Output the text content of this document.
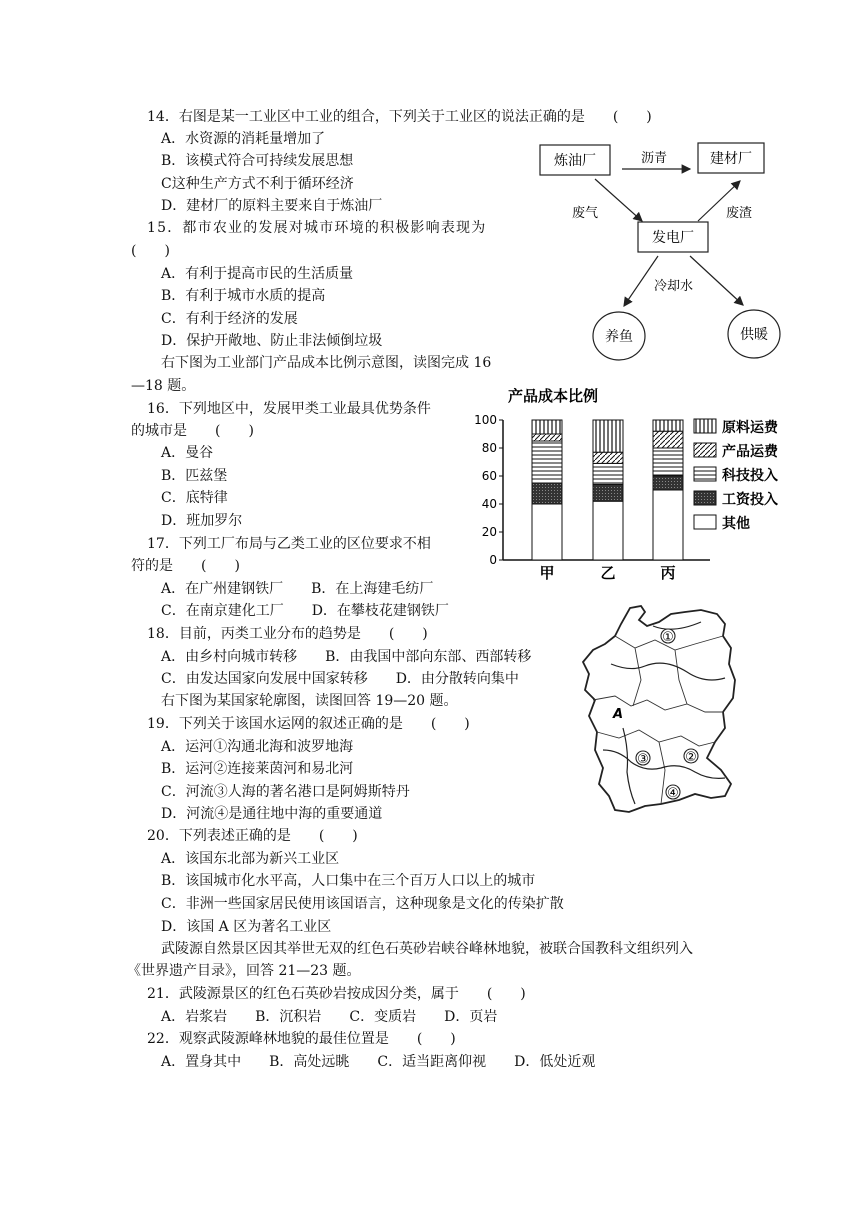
14．右图是某一工业区中工业的组合，下列关于工业区的说法正确的是　　(　　)
A．水资源的消耗量增加了
B．该模式符合可持续发展思想
C这种生产方式不利于循环经济
D．建材厂的原料主要来自于炼油厂
15．都市农业的发展对城市环境的积极影响表现为
(　　)
A．有利于提高市民的生活质量
B．有利于城市水质的提高
C．有利于经济的发展
D．保护开敞地、防止非法倾倒垃圾
右下图为工业部门产品成本比例示意图，读图完成 16
—18 题。
16．下列地区中，发展甲类工业最具优势条件
的城市是　　(　　)
A．曼谷
B．匹兹堡
C．底特律
D．班加罗尔
17．下列工厂布局与乙类工业的区位要求不相
符的是　　(　　)
A．在广州建钢铁厂　　B．在上海建毛纺厂
C．在南京建化工厂　　D．在攀枝花建钢铁厂
18．目前，丙类工业分布的趋势是　　(　　)
A．由乡村向城市转移　　B．由我国中部向东部、西部转移
C．由发达国家向发展中国家转移　　D．由分散转向集中
右下图为某国家轮廓图，读图回答 19—20 题。
19．下列关于该国水运网的叙述正确的是　　(　　)
A．运河①沟通北海和波罗地海
B．运河②连接莱茵河和易北河
C．河流③人海的著名港口是阿姆斯特丹
D．河流④是通往地中海的重要通道
20．下列表述正确的是　　(　　)
A．该国东北部为新兴工业区
B．该国城市化水平高，人口集中在三个百万人口以上的城市
C．非洲一些国家居民使用该国语言，这种现象是文化的传染扩散
D．该国 A 区为著名工业区
武陵源自然景区因其举世无双的红色石英砂岩峡谷峰林地貌，被联合国教科文组织列入
《世界遗产目录》，回答 21—23 题。
21．武陵源景区的红色石英砂岩按成因分类，属于　　(　　)
A．岩浆岩　　B．沉积岩　　C．变质岩　　D．页岩
22．观察武陵源峰林地貌的最佳位置是　　(　　)
A．置身其中　　B．高处远眺　　C．适当距离仰视　　D．低处近观
炼油厂	建材厂
发电厂
养鱼	供暖
沥青
废气	废渣
冷却水
产品成本比例
0
20
40
60
80
100
甲	乙	丙
原料运费
产品运费
科技投入
工资投入
其他
①
②
③
④
A
